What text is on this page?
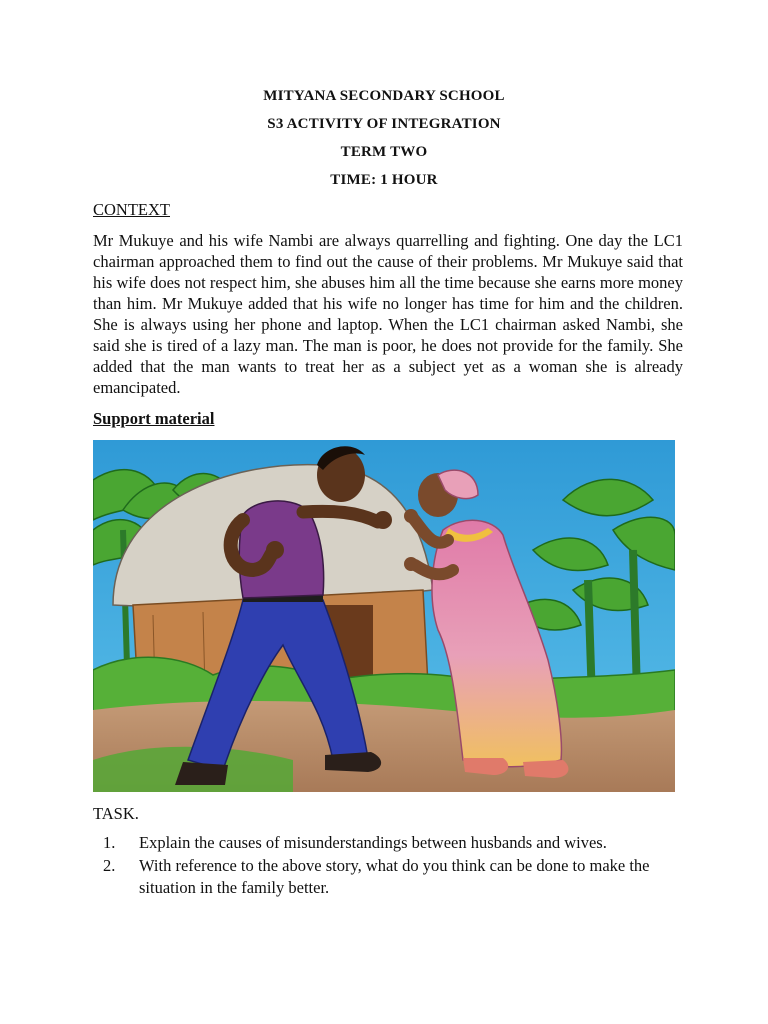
MITYANA SECONDARY SCHOOL
S3 ACTIVITY OF INTEGRATION
TERM TWO
TIME: 1 HOUR
CONTEXT
Mr Mukuye and his wife Nambi are always quarrelling and fighting. One day the LC1 chairman approached them to find out the cause of their problems. Mr Mukuye said that his wife does not respect him, she abuses him all the time because she earns more money than him. Mr Mukuye added that his wife no longer has time for him and the children. She is always using her phone and laptop. When the LC1 chairman asked Nambi, she said she is tired of a lazy man. The man is poor, he does not provide for the family. She added that the man wants to treat her as a subject yet as a woman she is already emancipated.
Support material
TASK.
1. Explain the causes of misunderstandings between husbands and wives.
2. With reference to the above story, what do you think can be done to make the situation in the family better.
